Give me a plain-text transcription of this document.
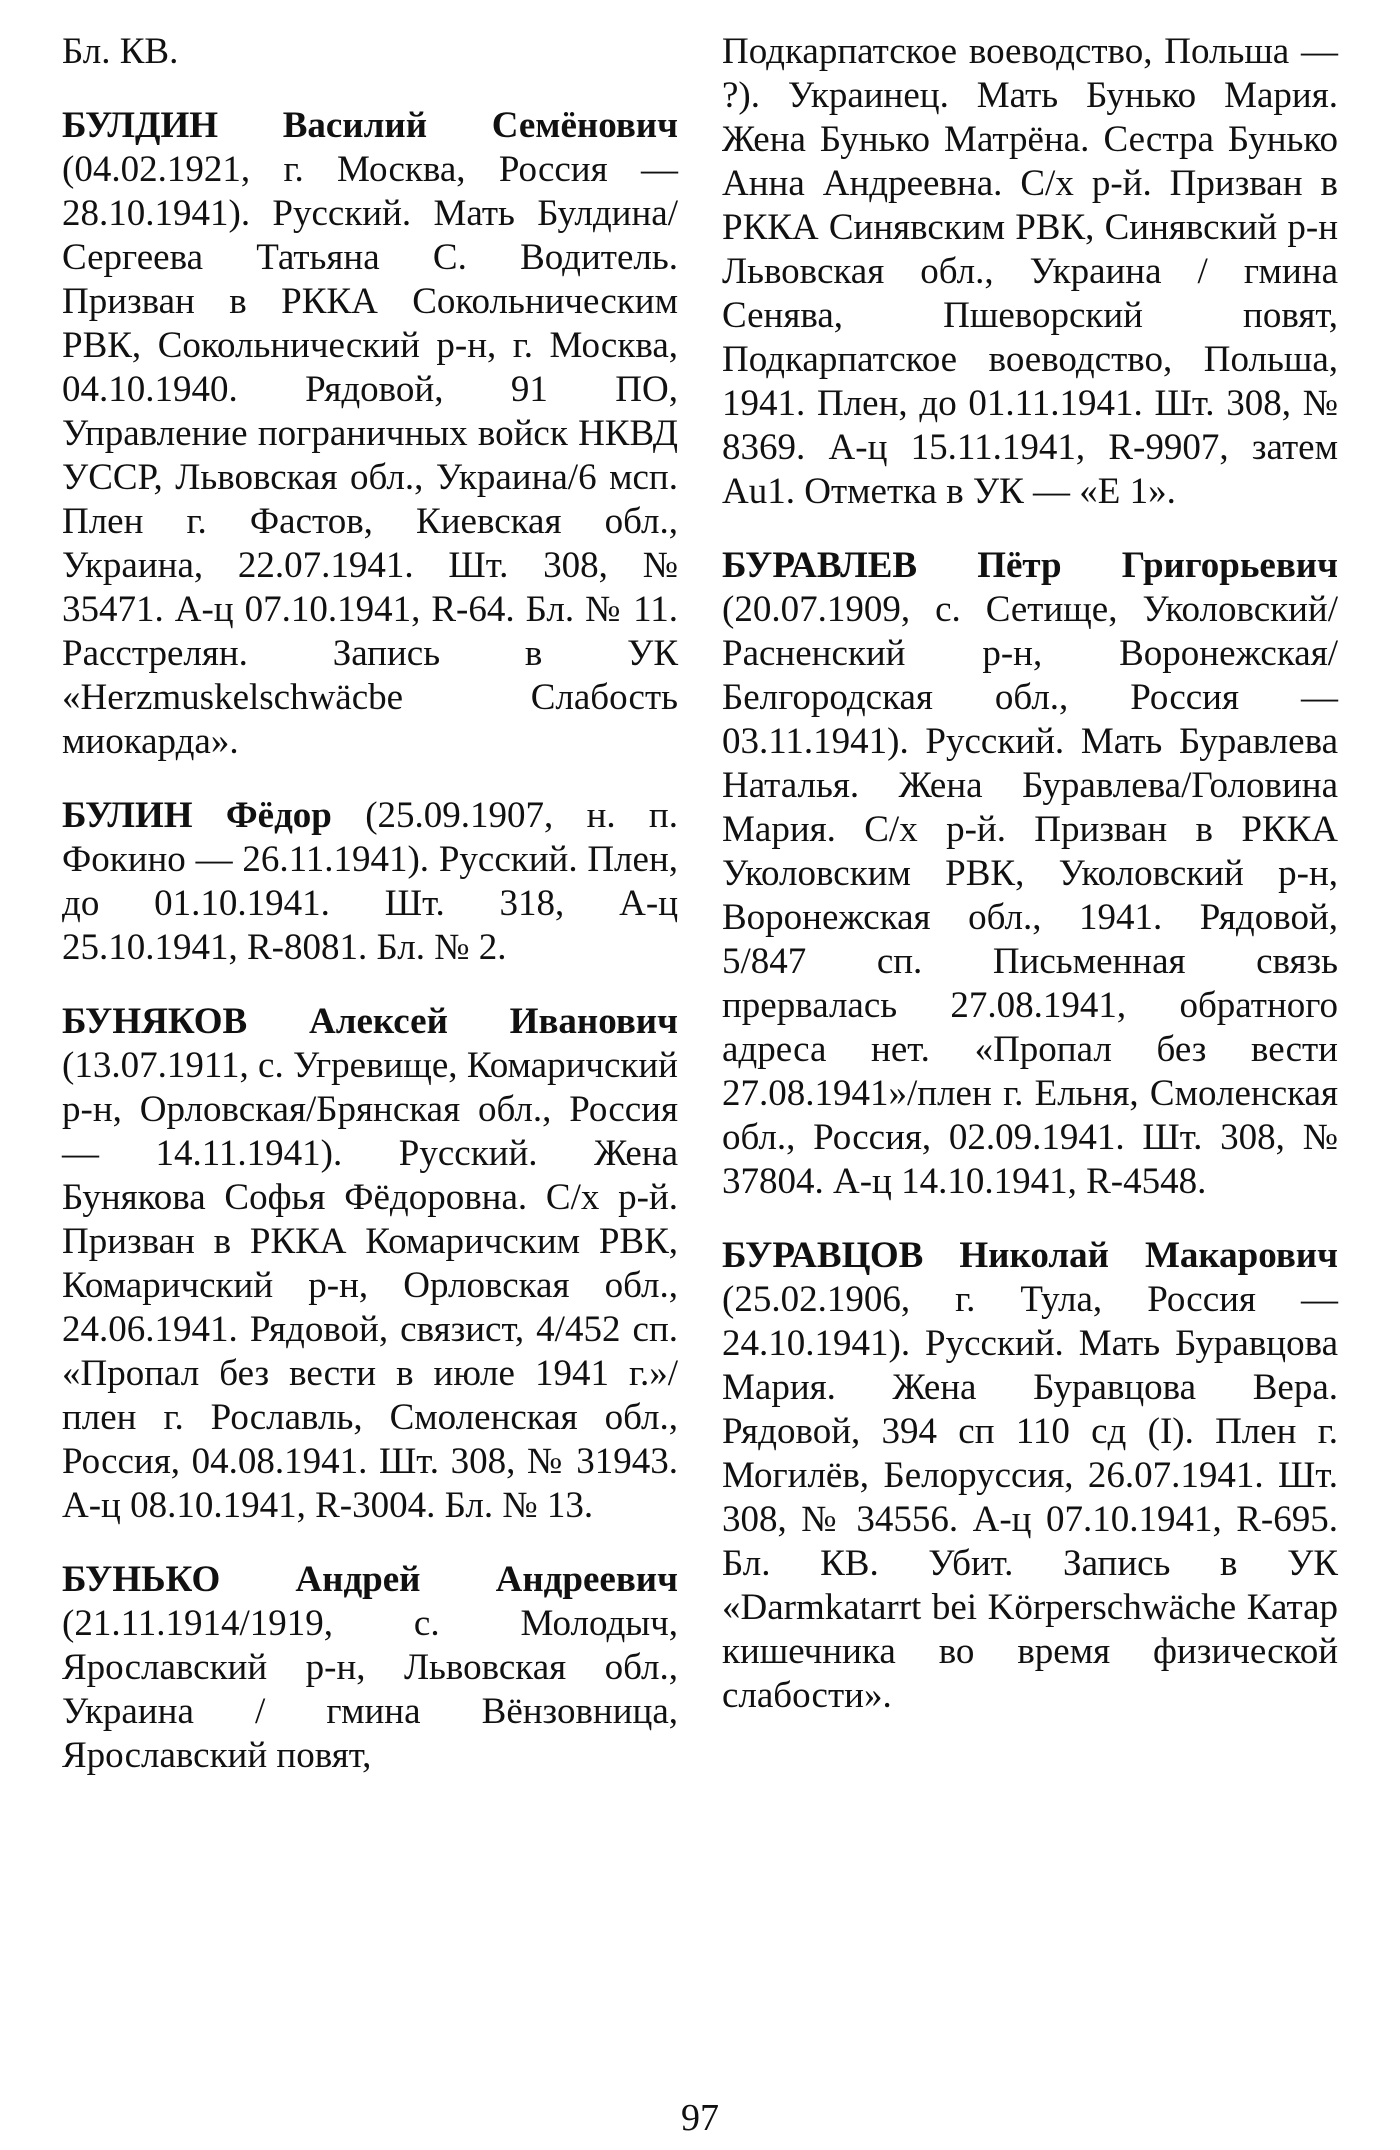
Бл. КВ.

БУЛДИН Василий Семёнович (04.02.1921, г. Москва, Россия — 28.10.1941). Русский. Мать Булдина/Сергеева Татьяна С. Водитель. Призван в РККА Сокольническим РВК, Сокольнический р-н, г. Москва, 04.10.1940. Рядовой, 91 ПО, Управление пограничных войск НКВД УССР, Львовская обл., Украина/6 мсп. Плен г. Фастов, Киевская обл., Украина, 22.07.1941. Шт. 308, № 35471. А-ц 07.10.1941, R-64. Бл. № 11. Расстрелян. Запись в УК «Herzmuskelschwäcbe Слабость миокарда».

БУЛИН Фёдор (25.09.1907, н. п. Фокино — 26.11.1941). Русский. Плен, до 01.10.1941. Шт. 318, А-ц 25.10.1941, R-8081. Бл. № 2.

БУНЯКОВ Алексей Иванович (13.07.1911, с. Угревище, Комаричский р-н, Орловская/Брянская обл., Россия — 14.11.1941). Русский. Жена Бунякова Софья Фёдоровна. С/х р-й. Призван в РККА Комаричским РВК, Комаричский р-н, Орловская обл., 24.06.1941. Рядовой, связист, 4/452 сп. «Пропал без вести в июле 1941 г.»/плен г. Рославль, Смоленская обл., Россия, 04.08.1941. Шт. 308, № 31943. А-ц 08.10.1941, R-3004. Бл. № 13.

БУНЬКО Андрей Андреевич (21.11.1914/1919, с. Молодыч, Ярославский р-н, Львовская обл., Украина / гмина Вёнзовница, Ярославский повят,

Подкарпатское воеводство, Польша — ?). Украинец. Мать Бунько Мария. Жена Бунько Матрёна. Сестра Бунько Анна Андреевна. С/х р-й. Призван в РККА Синявским РВК, Синявский р-н Львовская обл., Украина / гмина Сенява, Пшеворский повят, Подкарпатское воеводство, Польша, 1941. Плен, до 01.11.1941. Шт. 308, № 8369. А-ц 15.11.1941, R-9907, затем Au1. Отметка в УК — «Е 1».

БУРАВЛЕВ Пётр Григорьевич (20.07.1909, с. Сетище, Уколовский/Расненский р-н, Воронежская/Белгородская обл., Россия — 03.11.1941). Русский. Мать Буравлева Наталья. Жена Буравлева/Головина Мария. С/х р-й. Призван в РККА Уколовским РВК, Уколовский р-н, Воронежская обл., 1941. Рядовой, 5/847 сп. Письменная связь прервалась 27.08.1941, обратного адреса нет. «Пропал без вести 27.08.1941»/плен г. Ельня, Смоленская обл., Россия, 02.09.1941. Шт. 308, № 37804. А-ц 14.10.1941, R-4548.

БУРАВЦОВ Николай Макарович (25.02.1906, г. Тула, Россия — 24.10.1941). Русский. Мать Буравцова Мария. Жена Буравцова Вера. Рядовой, 394 сп 110 сд (I). Плен г. Могилёв, Белоруссия, 26.07.1941. Шт. 308, № 34556. А-ц 07.10.1941, R-695. Бл. КВ. Убит. Запись в УК «Darmkatarrt bei Körperschwäche Катар кишечника во время физической слабости».

97
